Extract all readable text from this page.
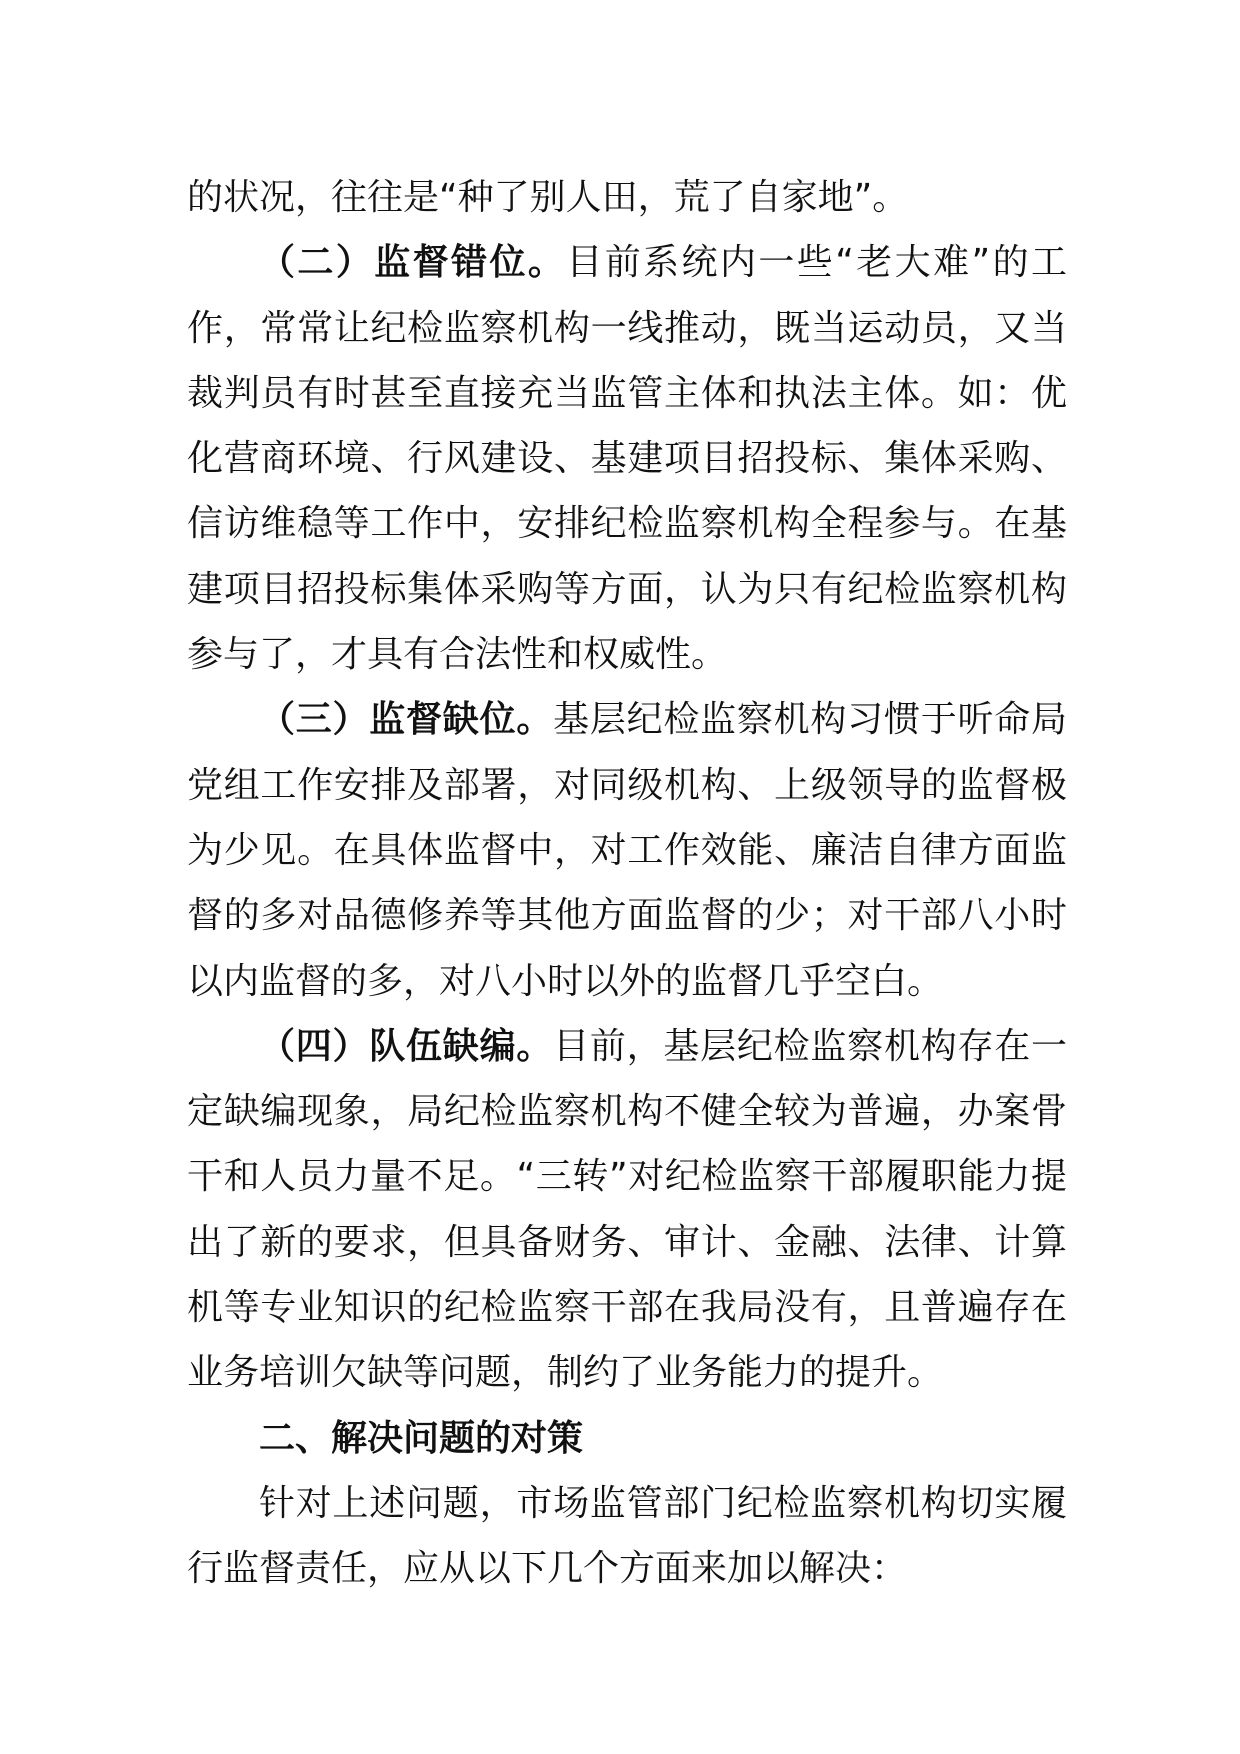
的状况，往往是“种了别人田，荒了自家地”。

（二）监督错位。目前系统内一些“老大难”的工作，常常让纪检监察机构一线推动，既当运动员，又当裁判员有时甚至直接充当监管主体和执法主体。如：优化营商环境、行风建设、基建项目招投标、集体采购、信访维稳等工作中，安排纪检监察机构全程参与。在基建项目招投标集体采购等方面，认为只有纪检监察机构参与了，才具有合法性和权威性。

（三）监督缺位。基层纪检监察机构习惯于听命局党组工作安排及部署，对同级机构、上级领导的监督极为少见。在具体监督中，对工作效能、廉洁自律方面监督的多对品德修养等其他方面监督的少；对干部八小时以内监督的多，对八小时以外的监督几乎空白。

（四）队伍缺编。目前，基层纪检监察机构存在一定缺编现象，局纪检监察机构不健全较为普遍，办案骨干和人员力量不足。“三转”对纪检监察干部履职能力提出了新的要求，但具备财务、审计、金融、法律、计算机等专业知识的纪检监察干部在我局没有，且普遍存在业务培训欠缺等问题，制约了业务能力的提升。

二、解决问题的对策

针对上述问题，市场监管部门纪检监察机构切实履行监督责任，应从以下几个方面来加以解决：
